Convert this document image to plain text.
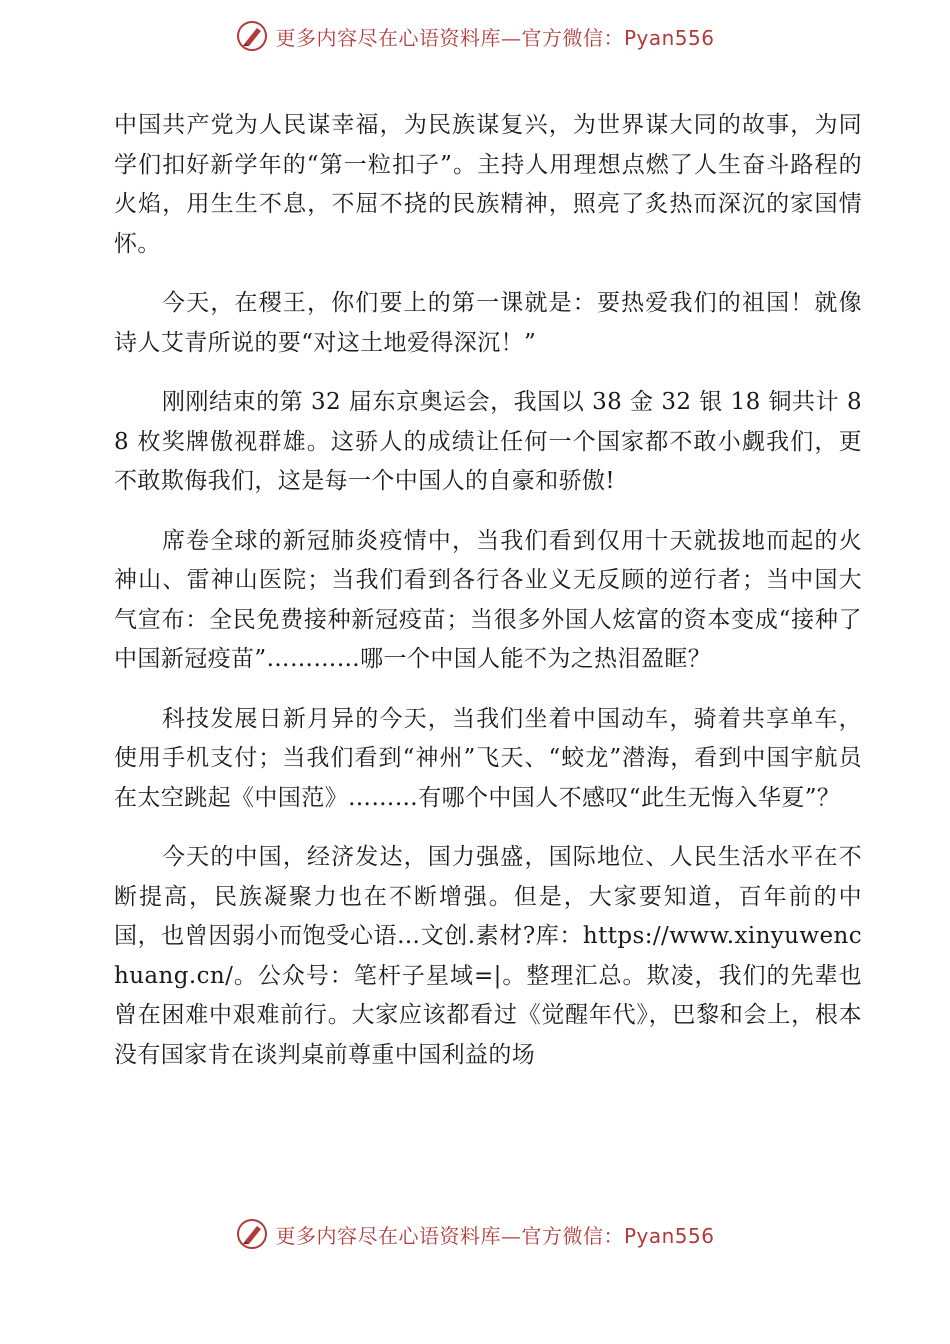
更多内容尽在心语资料库—官方微信：Pyan556

中国共产党为人民谋幸福，为民族谋复兴，为世界谋大同的故事，为同学们扣好新学年的“第一粒扣子”。主持人用理想点燃了人生奋斗路程的火焰，用生生不息，不屈不挠的民族精神，照亮了炙热而深沉的家国情怀。

今天，在稷王，你们要上的第一课就是：要热爱我们的祖国！就像诗人艾青所说的要“对这土地爱得深沉！”

刚刚结束的第 32 届东京奥运会，我国以 38 金 32 银 18 铜共计 88 枚奖牌傲视群雄。这骄人的成绩让任何一个国家都不敢小觑我们，更不敢欺侮我们，这是每一个中国人的自豪和骄傲!

席卷全球的新冠肺炎疫情中，当我们看到仅用十天就拔地而起的火神山、雷神山医院；当我们看到各行各业义无反顾的逆行者；当中国大气宣布：全民免费接种新冠疫苗；当很多外国人炫富的资本变成“接种了中国新冠疫苗”…………哪一个中国人能不为之热泪盈眶？

科技发展日新月异的今天，当我们坐着中国动车，骑着共享单车，使用手机支付；当我们看到“神州”飞天、“蛟龙”潜海，看到中国宇航员在太空跳起《中国范》………有哪个中国人不感叹“此生无悔入华夏”？

今天的中国，经济发达，国力强盛，国际地位、人民生活水平在不断提高，民族凝聚力也在不断增强。但是，大家要知道，百年前的中国，也曾因弱小而饱受心语…文创.素材?库：https://www.xinyuwenchuang.cn/。公众号：笔杆子星域=|。整理汇总。欺凌，我们的先辈也曾在困难中艰难前行。大家应该都看过《觉醒年代》，巴黎和会上，根本没有国家肯在谈判桌前尊重中国利益的场

更多内容尽在心语资料库—官方微信：Pyan556
